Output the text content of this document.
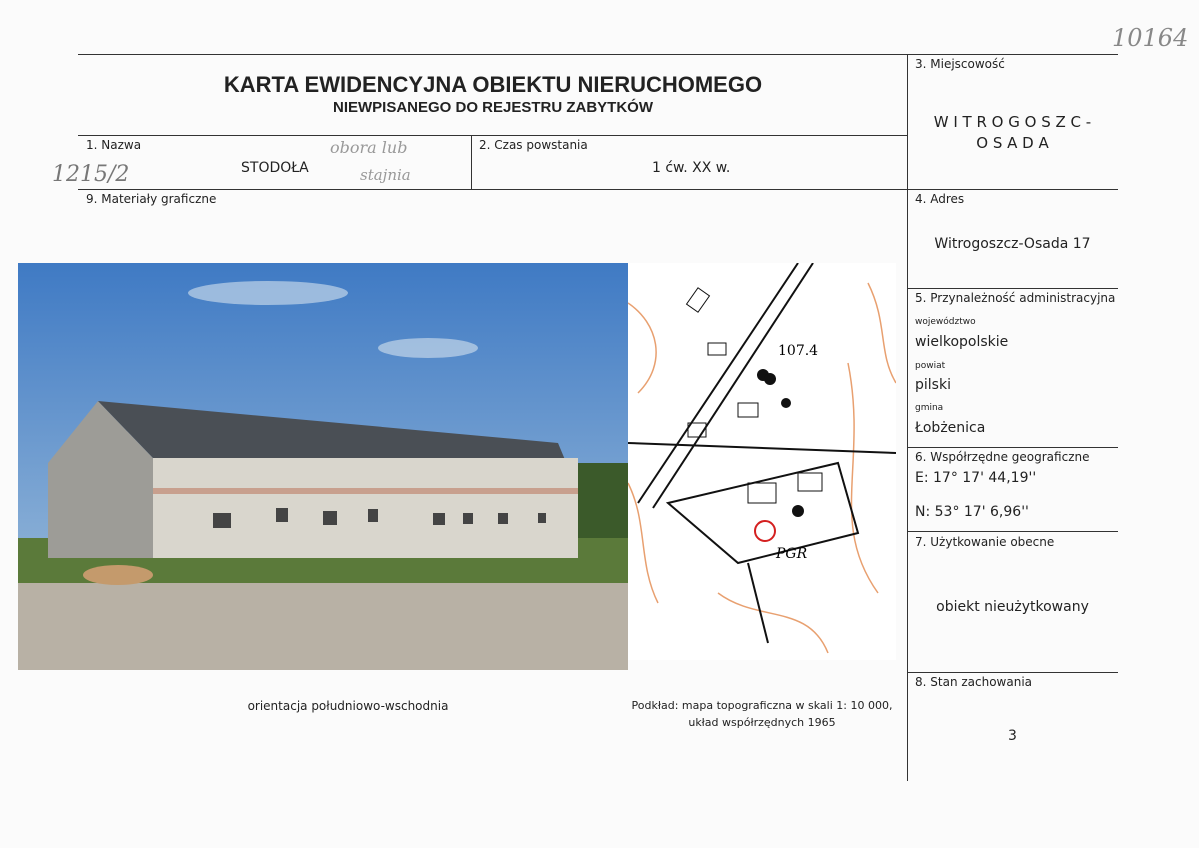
10164
KARTA EWIDENCYJNA OBIEKTU NIERUCHOMEGO
NIEWPISANEGO DO REJESTRU ZABYTKÓW
1. Nazwa
STODOŁA
1215/2
obora lub
stajnia
2. Czas powstania
1 ćw. XX w.
9. Materiały graficzne
3. Miejscowość
W I T R O G O S Z C -
O S A D A
4. Adres
Witrogoszcz-Osada 17
5. Przynależność administracyjna
województwo
wielkopolskie
powiat
pilski
gmina
Łobżenica
6. Współrzędne geograficzne
E: 17° 17' 44,19''
N: 53° 17' 6,96''
7. Użytkowanie obecne
obiekt nieużytkowany
8. Stan zachowania
3
107.4
PGR
orientacja południowo-wschodnia	Podkład: mapa topograficzna w skali 1: 10 000,
układ współrzędnych 1965
